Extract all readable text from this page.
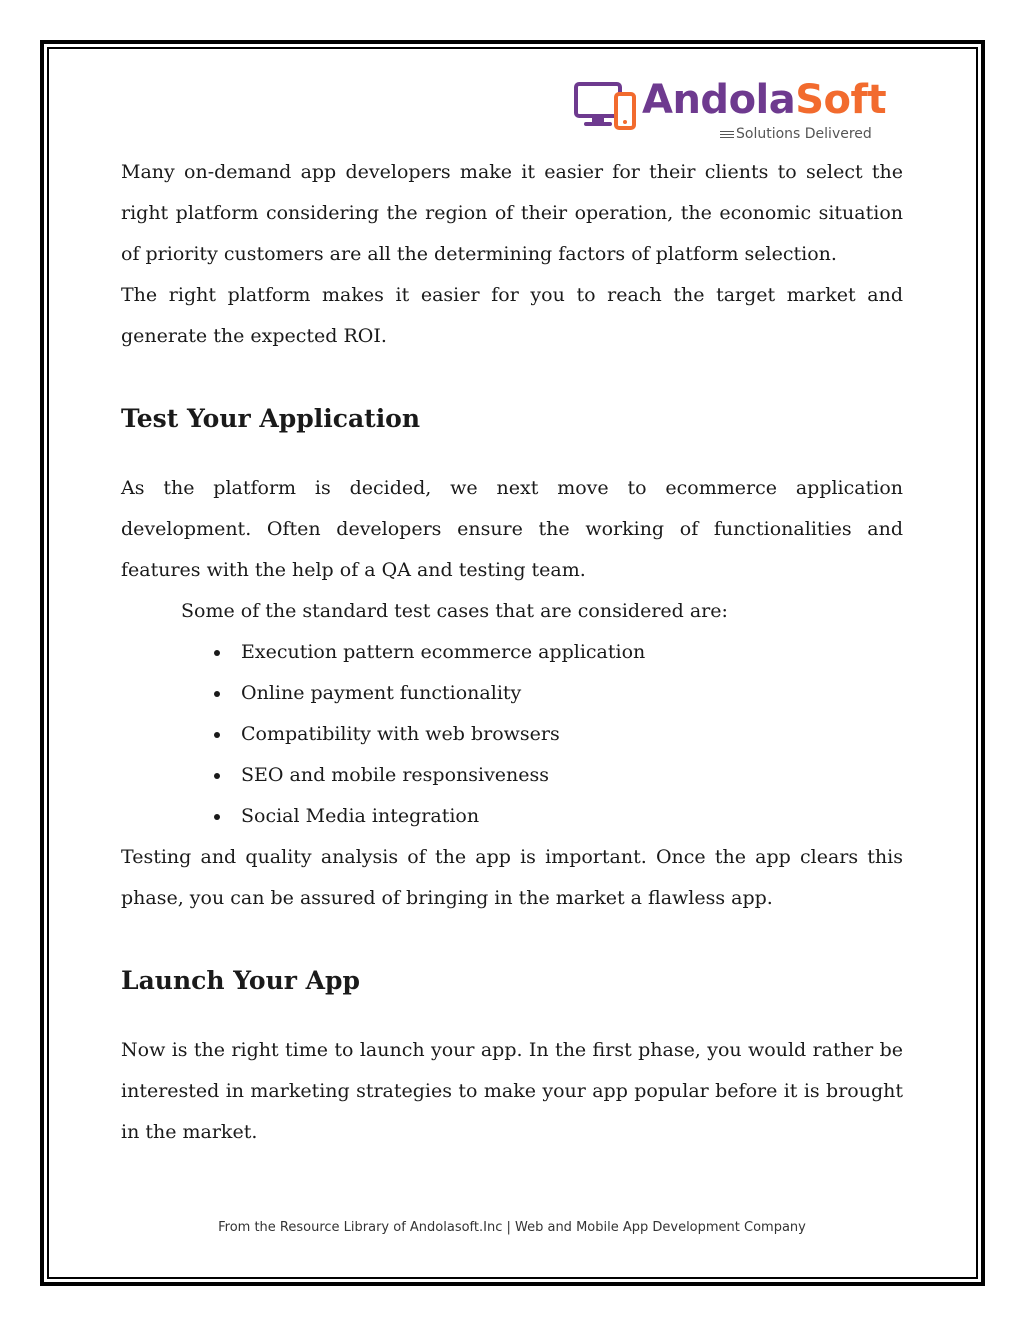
AndolaSoft
Solutions Delivered

Many on-demand app developers make it easier for their clients to select the right platform considering the region of their operation, the economic situation of priority customers are all the determining factors of platform selection.

The right platform makes it easier for you to reach the target market and generate the expected ROI.

Test Your Application

As the platform is decided, we next move to ecommerce application development. Often developers ensure the working of functionalities and features with the help of a QA and testing team.

Some of the standard test cases that are considered are:

Execution pattern ecommerce application
Online payment functionality
Compatibility with web browsers
SEO and mobile responsiveness
Social Media integration

Testing and quality analysis of the app is important. Once the app clears this phase, you can be assured of bringing in the market a flawless app.

Launch Your App

Now is the right time to launch your app. In the first phase, you would rather be interested in marketing strategies to make your app popular before it is brought in the market.

From the Resource Library of Andolasoft.Inc | Web and Mobile App Development Company
